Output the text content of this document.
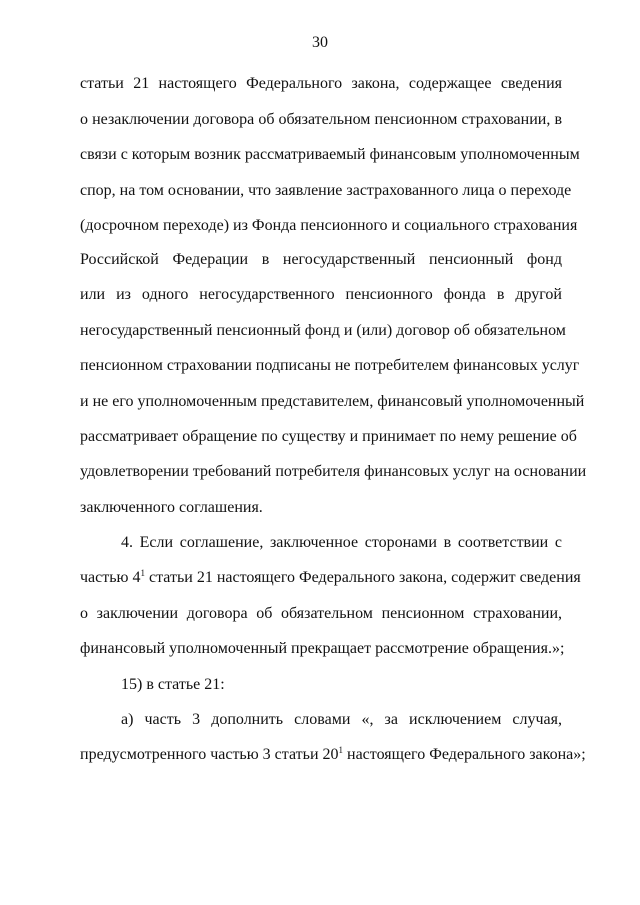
30
статьи 21 настоящего Федерального закона, содержащее сведения
о незаключении договора об обязательном пенсионном страховании, в
связи с которым возник рассматриваемый финансовым уполномоченным
спор, на том основании, что заявление застрахованного лица о переходе
(досрочном переходе) из Фонда пенсионного и социального страхования
Российской Федерации в негосударственный пенсионный фонд
или из одного негосударственного пенсионного фонда в другой
негосударственный пенсионный фонд и (или) договор об обязательном
пенсионном страховании подписаны не потребителем финансовых услуг
и не его уполномоченным представителем, финансовый уполномоченный
рассматривает обращение по существу и принимает по нему решение об
удовлетворении требований потребителя финансовых услуг на основании
заключенного соглашения.
4. Если соглашение, заключенное сторонами в соответствии с
частью $4^1$ статьи 21 настоящего Федерального закона, содержит сведения
о заключении договора об обязательном пенсионном страховании,
финансовый уполномоченный прекращает рассмотрение обращения.»;
15) в статье 21:
а) часть 3 дополнить словами «, за исключением случая,
предусмотренного частью 3 статьи $20^1$ настоящего Федерального закона»;
